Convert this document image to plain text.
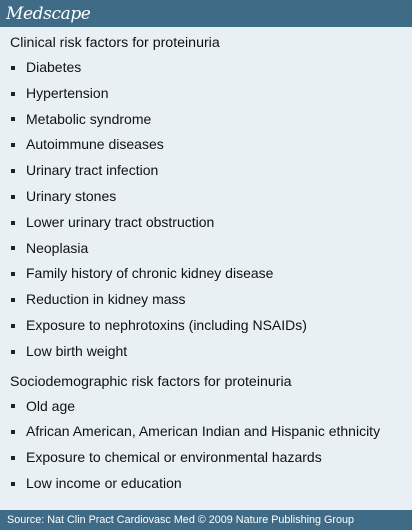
Medscape
Clinical risk factors for proteinuria
Diabetes
Hypertension
Metabolic syndrome
Autoimmune diseases
Urinary tract infection
Urinary stones
Lower urinary tract obstruction
Neoplasia
Family history of chronic kidney disease
Reduction in kidney mass
Exposure to nephrotoxins (including NSAIDs)
Low birth weight
Sociodemographic risk factors for proteinuria
Old age
African American, American Indian and Hispanic ethnicity
Exposure to chemical or environmental hazards
Low income or education
Source: Nat Clin Pract Cardiovasc Med © 2009 Nature Publishing Group
